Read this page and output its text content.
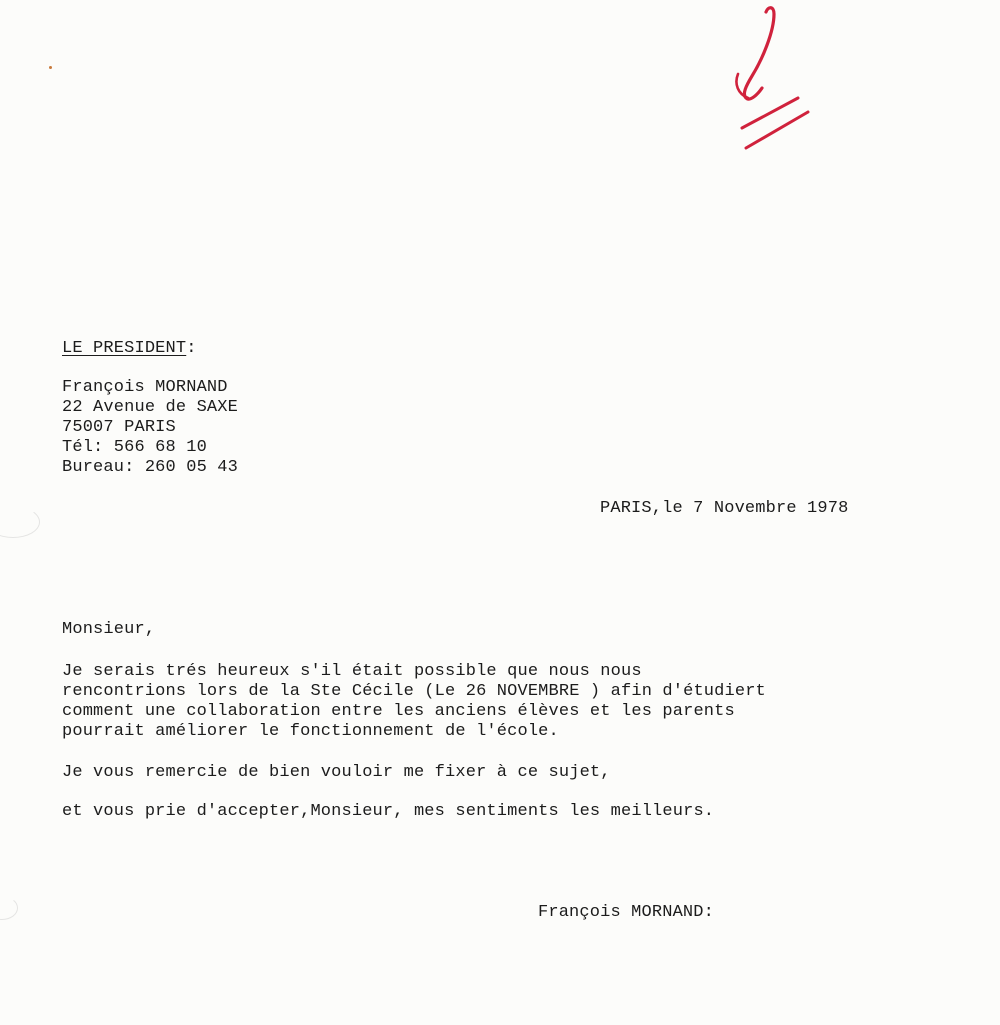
LE PRESIDENT:
François MORNAND
22 Avenue de SAXE
75007 PARIS
Tél: 566 68 10
Bureau: 260 05 43
PARIS,le 7 Novembre 1978
Monsieur,
Je serais trés heureux s'il était possible que nous nous
rencontrions lors de la Ste Cécile (Le 26 NOVEMBRE ) afin d'étudiert
comment une collaboration entre les anciens élèves et les parents
pourrait améliorer le fonctionnement de l'école.
Je vous remercie de bien vouloir me fixer à ce sujet,
et vous prie d'accepter,Monsieur, mes sentiments les meilleurs.
François MORNAND:
